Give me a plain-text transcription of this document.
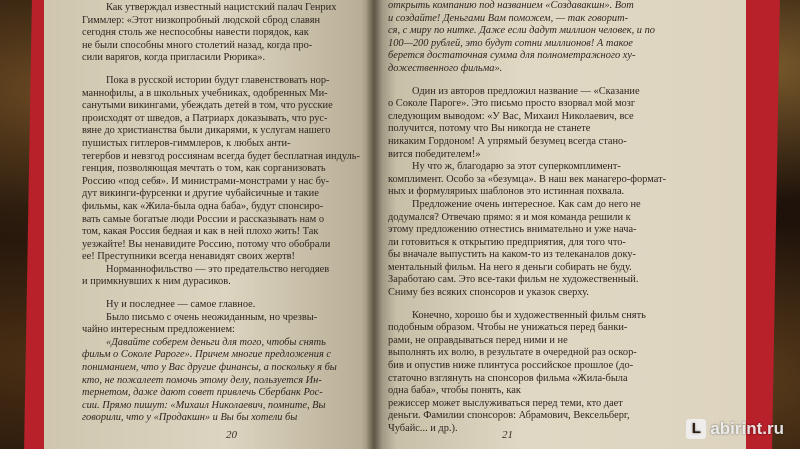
Как утверждал известный нацистский палач Генрих
Гиммлер: «Этот низкопробный людской сброд славян
сегодня столь же неспособны навести порядок, как
не были способны много столетий назад, когда про-
сили варягов, когда пригласили Рюрика».
Пока в русской истории будут главенствовать нор-
маннофилы, а в школьных учебниках, одобренных Ми-
санутыми викингами, убеждать детей в том, что русские
происходят от шведов, а Патриарх доказывать, что рус-
вяне до христианства были дикарями, к услугам нашего
пушистых гитлеров-гиммлеров, к любых анти-
тегербов и невзгод россиянам всегда будет бесплатная индуль-
генция, позволяющая мечтать о том, как сорганизовать
Россию «под себя». И министрами-монстрами у нас бу-
дут викинги-фурсенки и другие чубайсичные и такие
фильмы, как «Жила-была одна баба», будут спонсиро-
вать самые богатые люди России и рассказывать нам о
том, какая Россия бедная и как в ней плохо жить! Так
уезжайте! Вы ненавидите Россию, потому что обобрали
ее! Преступники всегда ненавидят своих жертв!
Норманнофильство — это предательство негодяев
и примкнувших к ним дурасиков.
Ну и последнее — самое главное.
Было письмо с очень неожиданным, но чрезвы-
чайно интересным предложением:
«Давайте соберем деньги для того, чтобы снять
фильм о Соколе Рароге». Причем многие предложения с
пониманием, что у Вас другие финансы, а поскольку я бы
кто, не пожалеет помочь этому делу, пользуется Ин-
тернетом, даже дают совет привлечь Сбербанк Рос-
сии. Прямо пишут: «Михаил Николаевич, помните, Вы
говорили, что у «Продакшн» и Вы бы хотели бы
20
открыть компанию под названием «Создавакшн». Вот
и создайте! Деньгами Вам поможем, — так говорит-
ся, с миру по нитке. Даже если дадут миллион человек, и по
100—200 рублей, это будут сотни миллионов! А такое
берется достаточная сумма для полнометражного ху-
дожественного фильма».
Один из авторов предложил название — «Сказание
о Соколе Пароге». Это письмо просто взорвал мой мозг
следующим выводом: «У Вас, Михаил Николаевич, все
получится, потому что Вы никогда не станете
никаким Гордоном! А упрямый безумец всегда стано-
вится победителем!»
Ну что ж, благодарю за этот суперкомплимент-
комплимент. Особо за «безумца». В наш век манагеро-формат-
ных и формуляриых шаблонов это истинная похвала.
Предложение очень интересное. Как сам до него не
додумался? Отвечаю прямо: я и моя команда решили к
этому предложению отнестись внимательно и уже нача-
ли готовиться к открытию предприятия, для того что-
бы вначале выпустить на каком-то из телеканалов доку-
ментальный фильм. На него я деньги собирать не буду.
Заработаю сам. Это все-таки фильм не художественный.
Сниму без всяких спонсоров и указок сверху.
Конечно, хорошо бы и художественный фильм снять
подобным образом. Чтобы не унижаться перед банки-
рами, не оправдываться перед ними и не
выполнять их волю, в результате в очередной раз оскор-
бив и опустив ниже плинтуса российское прошлое (до-
статочно взглянуть на спонсоров фильма «Жила-была
одна баба», чтобы понять, как
режиссер может выслуживаться перед теми, кто дает
деньги. Фамилии спонсоров: Абрамович, Вексельберг,
Чубайс... и др.).
21	L abirint.ru
